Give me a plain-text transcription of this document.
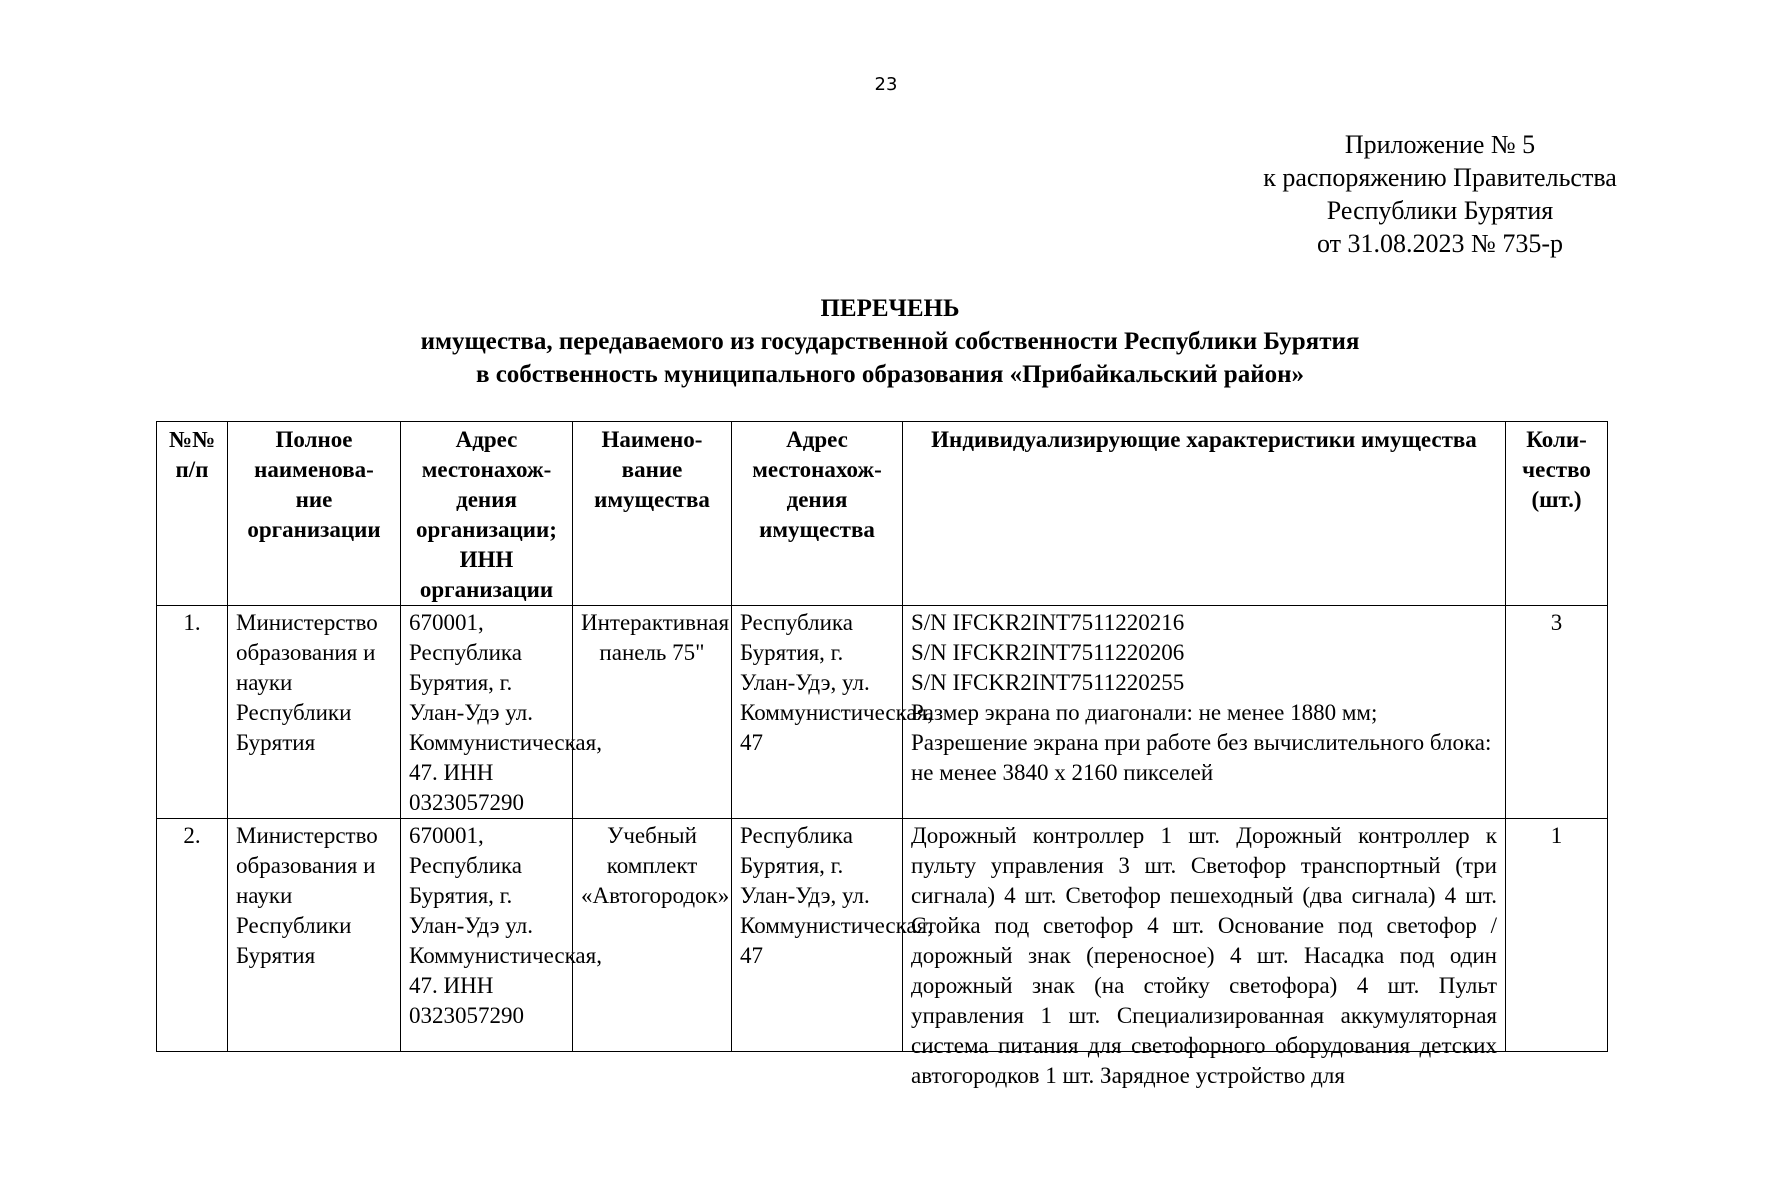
23
Приложение № 5
к распоряжению Правительства
Республики Бурятия
от 31.08.2023 № 735-р
ПЕРЕЧЕНЬ
имущества, передаваемого из государственной собственности Республики Бурятия
в собственность муниципального образования «Прибайкальский район»
№№ п/п	Полное наименова-ние организации	Адрес местонахож-дения организации; ИНН организации	Наимено-вание имущества	Адрес местонахож-дения имущества	Индивидуализирующие характеристики имущества	Коли-чество (шт.)
1.	Министерство образования и науки Республики Бурятия	670001, Республика Бурятия, г. Улан-Удэ ул. Коммунистическая, 47. ИНН 0323057290	Интерактивная панель 75"	Республика Бурятия, г. Улан-Удэ, ул. Коммунистическая, 47	S/N IFCKR2INT7511220216
S/N IFCKR2INT7511220206
S/N IFCKR2INT7511220255
Размер экрана по диагонали: не менее 1880 мм;
Разрешение экрана при работе без вычислительного блока: не менее 3840 х 2160 пикселей	3
2.	Министерство образования и науки Республики Бурятия	670001, Республика Бурятия, г. Улан-Удэ ул. Коммунистическая, 47. ИНН 0323057290	Учебный комплект «Автогородок»	Республика Бурятия, г. Улан-Удэ, ул. Коммунистическая, 47	Дорожный контроллер 1 шт. Дорожный контроллер к пульту управления 3 шт. Светофор транспортный (три сигнала) 4 шт. Светофор пешеходный (два сигнала) 4 шт. Стойка под светофор 4 шт. Основание под светофор / дорожный знак (переносное) 4 шт. Насадка под один дорожный знак (на стойку светофора) 4 шт. Пульт управления 1 шт. Специализированная аккумуляторная система питания для светофорного оборудования детских автогородков 1 шт. Зарядное устройство для	1
